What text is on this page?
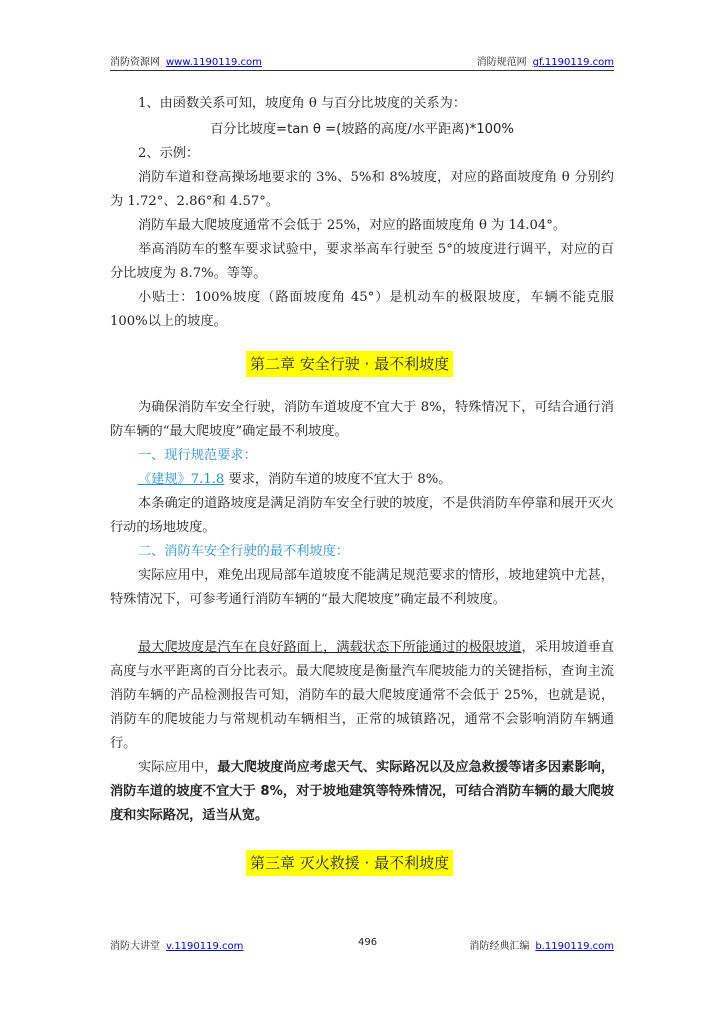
消防资源网 www.1190119.com	消防规范网 gf.1190119.com

1、由函数关系可知，坡度角 θ 与百分比坡度的关系为：

百分比坡度=tan θ =(坡路的高度/水平距离)*100%

2、示例：

消防车道和登高操场地要求的 3%、5%和 8%坡度，对应的路面坡度角 θ 分别约为 1.72°、2.86°和 4.57°。

消防车最大爬坡度通常不会低于 25%，对应的路面坡度角 θ 为 14.04°。

举高消防车的整车要求试验中，要求举高车行驶至 5°的坡度进行调平，对应的百分比坡度为 8.7%。等等。

小贴士：100%坡度（路面坡度角 45°）是机动车的极限坡度，车辆不能克服 100%以上的坡度。

第二章 安全行驶 · 最不利坡度

为确保消防车安全行驶，消防车道坡度不宜大于 8%，特殊情况下，可结合通行消防车辆的“最大爬坡度”确定最不利坡度。

一、现行规范要求：

《建规》7.1.8 要求，消防车道的坡度不宜大于 8%。

本条确定的道路坡度是满足消防车安全行驶的坡度，不是供消防车停靠和展开灭火行动的场地坡度。

二、消防车安全行驶的最不利坡度：

实际应用中，难免出现局部车道坡度不能满足规范要求的情形，坡地建筑中尤甚，特殊情况下，可参考通行消防车辆的“最大爬坡度”确定最不利坡度。

最大爬坡度是汽车在良好路面上，满载状态下所能通过的极限坡道，采用坡道垂直高度与水平距离的百分比表示。最大爬坡度是衡量汽车爬坡能力的关键指标，查询主流消防车辆的产品检测报告可知，消防车的最大爬坡度通常不会低于 25%，也就是说，消防车的爬坡能力与常规机动车辆相当，正常的城镇路况，通常不会影响消防车辆通行。

实际应用中，最大爬坡度尚应考虑天气、实际路况以及应急救援等诸多因素影响，消防车道的坡度不宜大于 8%，对于坡地建筑等特殊情况，可结合消防车辆的最大爬坡度和实际路况，适当从宽。

第三章 灭火救援 · 最不利坡度
消防大讲堂 v.1190119.com	496	消防经典汇编 b.1190119.com
